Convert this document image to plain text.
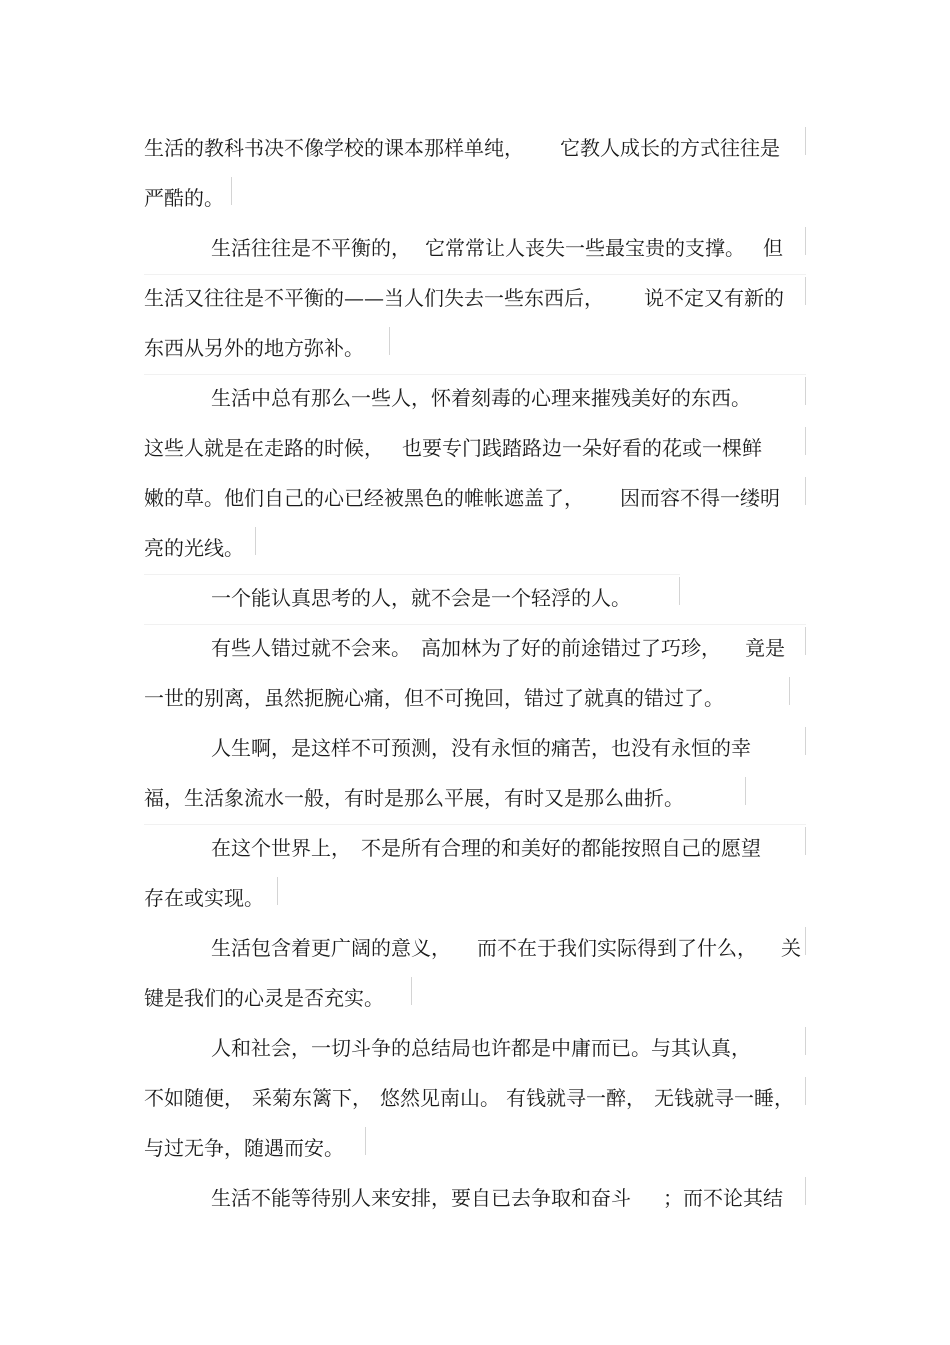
生活的教科书决不像学校的课本那样单纯， 它教人成长的方式往往是
严酷的。
生活往往是不平衡的， 它常常让人丧失一些最宝贵的支撑。 但
生活又往往是不平衡的——当人们失去一些东西后， 说不定又有新的
东西从另外的地方弥补。
生活中总有那么一些人，怀着刻毒的心理来摧残美好的东西。
这些人就是在走路的时候， 也要专门践踏路边一朵好看的花或一棵鲜
嫩的草。他们自己的心已经被黑色的帷帐遮盖了， 因而容不得一缕明
亮的光线。
一个能认真思考的人，就不会是一个轻浮的人。
有些人错过就不会来。 高加林为了好的前途错过了巧珍， 竟是
一世的别离，虽然扼腕心痛，但不可挽回，错过了就真的错过了。
人生啊，是这样不可预测，没有永恒的痛苦，也没有永恒的幸
福，生活象流水一般，有时是那么平展，有时又是那么曲折。
在这个世界上， 不是所有合理的和美好的都能按照自己的愿望
存在或实现。
生活包含着更广阔的意义， 而不在于我们实际得到了什么， 关
键是我们的心灵是否充实。
人和社会，一切斗争的总结局也许都是中庸而已。与其认真，
不如随便， 采菊东篱下， 悠然见南山。 有钱就寻一醉， 无钱就寻一睡，
与过无争，随遇而安。
生活不能等待别人来安排，要自已去争取和奋斗 ；而不论其结
